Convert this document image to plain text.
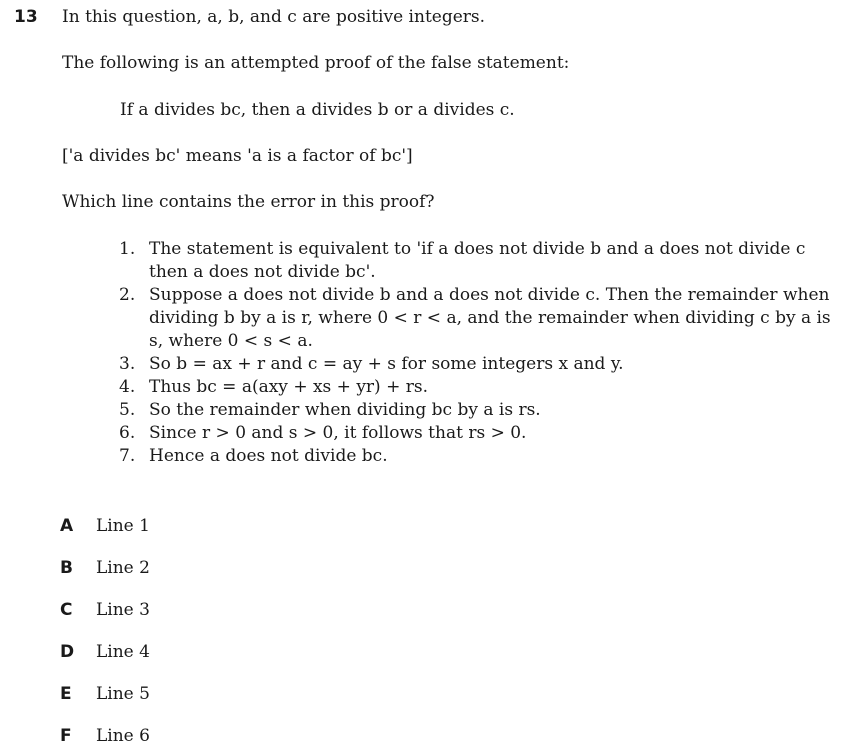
13 In this question, a, b, and c are positive integers.
The following is an attempted proof of the false statement:
If a divides bc, then a divides b or a divides c.
['a divides bc' means 'a is a factor of bc']
Which line contains the error in this proof?
1. The statement is equivalent to 'if a does not divide b and a does not divide c then a does not divide bc'.
2. Suppose a does not divide b and a does not divide c. Then the remainder when dividing b by a is r, where 0 < r < a, and the remainder when dividing c by a is s, where 0 < s < a.
3. So b = ax + r and c = ay + s for some integers x and y.
4. Thus bc = a(axy + xs + yr) + rs.
5. So the remainder when dividing bc by a is rs.
6. Since r > 0 and s > 0, it follows that rs > 0.
7. Hence a does not divide bc.
A	Line 1
B	Line 2
C	Line 3
D	Line 4
E	Line 5
F	Line 6
